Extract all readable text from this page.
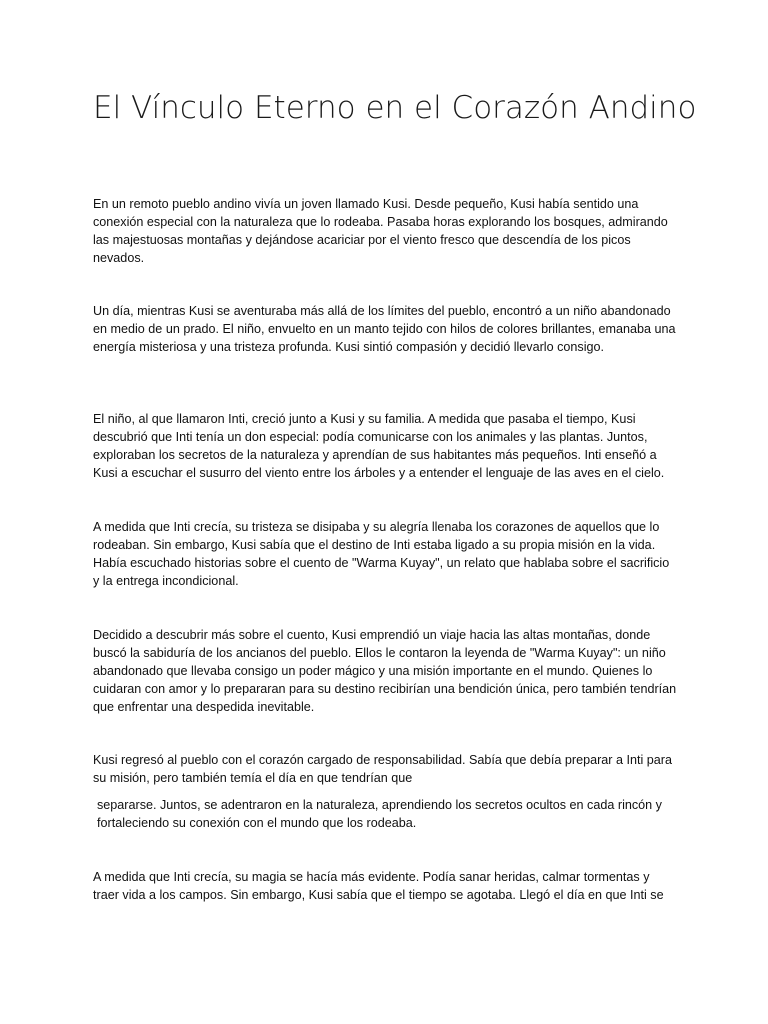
El Vínculo Eterno en el Corazón Andino

En un remoto pueblo andino vivía un joven llamado Kusi. Desde pequeño, Kusi había sentido una conexión especial con la naturaleza que lo rodeaba. Pasaba horas explorando los bosques, admirando las majestuosas montañas y dejándose acariciar por el viento fresco que descendía de los picos nevados.

Un día, mientras Kusi se aventuraba más allá de los límites del pueblo, encontró a un niño abandonado en medio de un prado. El niño, envuelto en un manto tejido con hilos de colores brillantes, emanaba una energía misteriosa y una tristeza profunda. Kusi sintió compasión y decidió llevarlo consigo.

El niño, al que llamaron Inti, creció junto a Kusi y su familia. A medida que pasaba el tiempo, Kusi descubrió que Inti tenía un don especial: podía comunicarse con los animales y las plantas. Juntos, exploraban los secretos de la naturaleza y aprendían de sus habitantes más pequeños. Inti enseñó a Kusi a escuchar el susurro del viento entre los árboles y a entender el lenguaje de las aves en el cielo.

A medida que Inti crecía, su tristeza se disipaba y su alegría llenaba los corazones de aquellos que lo rodeaban. Sin embargo, Kusi sabía que el destino de Inti estaba ligado a su propia misión en la vida. Había escuchado historias sobre el cuento de "Warma Kuyay", un relato que hablaba sobre el sacrificio y la entrega incondicional.

Decidido a descubrir más sobre el cuento, Kusi emprendió un viaje hacia las altas montañas, donde buscó la sabiduría de los ancianos del pueblo. Ellos le contaron la leyenda de "Warma Kuyay": un niño abandonado que llevaba consigo un poder mágico y una misión importante en el mundo. Quienes lo cuidaran con amor y lo prepararan para su destino recibirían una bendición única, pero también tendrían que enfrentar una despedida inevitable.

Kusi regresó al pueblo con el corazón cargado de responsabilidad. Sabía que debía preparar a Inti para su misión, pero también temía el día en que tendrían que

separarse. Juntos, se adentraron en la naturaleza, aprendiendo los secretos ocultos en cada rincón y fortaleciendo su conexión con el mundo que los rodeaba.

A medida que Inti crecía, su magia se hacía más evidente. Podía sanar heridas, calmar tormentas y traer vida a los campos. Sin embargo, Kusi sabía que el tiempo se agotaba. Llegó el día en que Inti se
